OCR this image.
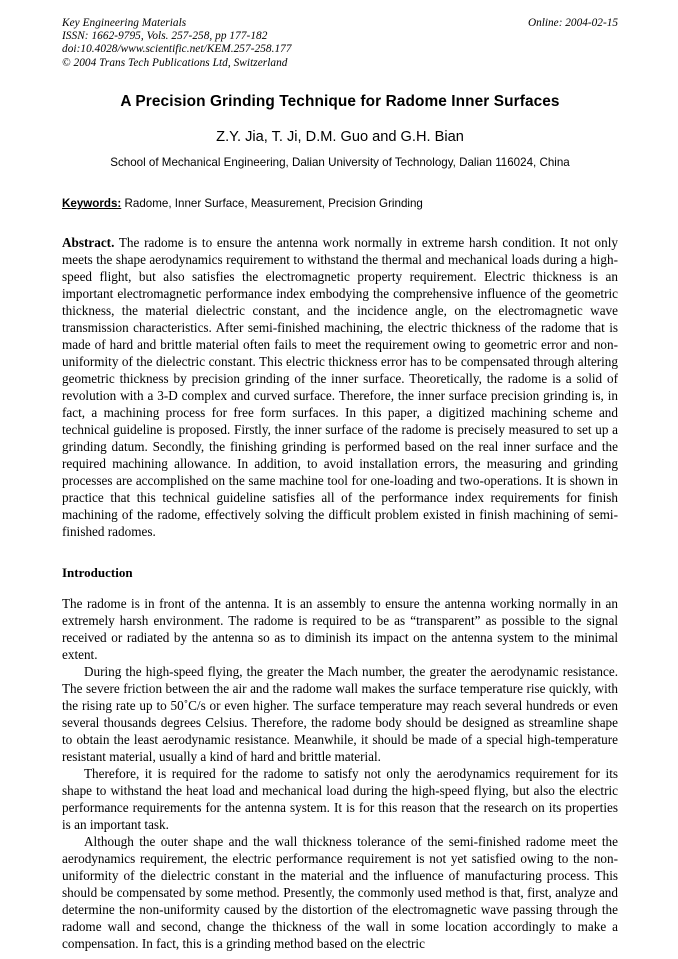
Key Engineering Materials
ISSN: 1662-9795, Vols. 257-258, pp 177-182
doi:10.4028/www.scientific.net/KEM.257-258.177
© 2004 Trans Tech Publications Ltd, Switzerland
Online: 2004-02-15
A Precision Grinding Technique for Radome Inner Surfaces
Z.Y. Jia, T. Ji, D.M. Guo and G.H. Bian
School of Mechanical Engineering, Dalian University of Technology, Dalian 116024, China
Keywords: Radome, Inner Surface, Measurement, Precision Grinding
Abstract. The radome is to ensure the antenna work normally in extreme harsh condition. It not only meets the shape aerodynamics requirement to withstand the thermal and mechanical loads during a high-speed flight, but also satisfies the electromagnetic property requirement. Electric thickness is an important electromagnetic performance index embodying the comprehensive influence of the geometric thickness, the material dielectric constant, and the incidence angle, on the electromagnetic wave transmission characteristics. After semi-finished machining, the electric thickness of the radome that is made of hard and brittle material often fails to meet the requirement owing to geometric error and non-uniformity of the dielectric constant. This electric thickness error has to be compensated through altering geometric thickness by precision grinding of the inner surface. Theoretically, the radome is a solid of revolution with a 3-D complex and curved surface. Therefore, the inner surface precision grinding is, in fact, a machining process for free form surfaces. In this paper, a digitized machining scheme and technical guideline is proposed. Firstly, the inner surface of the radome is precisely measured to set up a grinding datum. Secondly, the finishing grinding is performed based on the real inner surface and the required machining allowance. In addition, to avoid installation errors, the measuring and grinding processes are accomplished on the same machine tool for one-loading and two-operations. It is shown in practice that this technical guideline satisfies all of the performance index requirements for finish machining of the radome, effectively solving the difficult problem existed in finish machining of semi-finished radomes.
Introduction
The radome is in front of the antenna. It is an assembly to ensure the antenna working normally in an extremely harsh environment. The radome is required to be as “transparent” as possible to the signal received or radiated by the antenna so as to diminish its impact on the antenna system to the minimal extent.
During the high-speed flying, the greater the Mach number, the greater the aerodynamic resistance. The severe friction between the air and the radome wall makes the surface temperature rise quickly, with the rising rate up to 50˚C/s or even higher. The surface temperature may reach several hundreds or even several thousands degrees Celsius. Therefore, the radome body should be designed as streamline shape to obtain the least aerodynamic resistance. Meanwhile, it should be made of a special high-temperature resistant material, usually a kind of hard and brittle material.
Therefore, it is required for the radome to satisfy not only the aerodynamics requirement for its shape to withstand the heat load and mechanical load during the high-speed flying, but also the electric performance requirements for the antenna system. It is for this reason that the research on its properties is an important task.
Although the outer shape and the wall thickness tolerance of the semi-finished radome meet the aerodynamics requirement, the electric performance requirement is not yet satisfied owing to the non-uniformity of the dielectric constant in the material and the influence of manufacturing process. This should be compensated by some method. Presently, the commonly used method is that, first, analyze and determine the non-uniformity caused by the distortion of the electromagnetic wave passing through the radome wall and second, change the thickness of the wall in some location accordingly to make a compensation. In fact, this is a grinding method based on the electric
